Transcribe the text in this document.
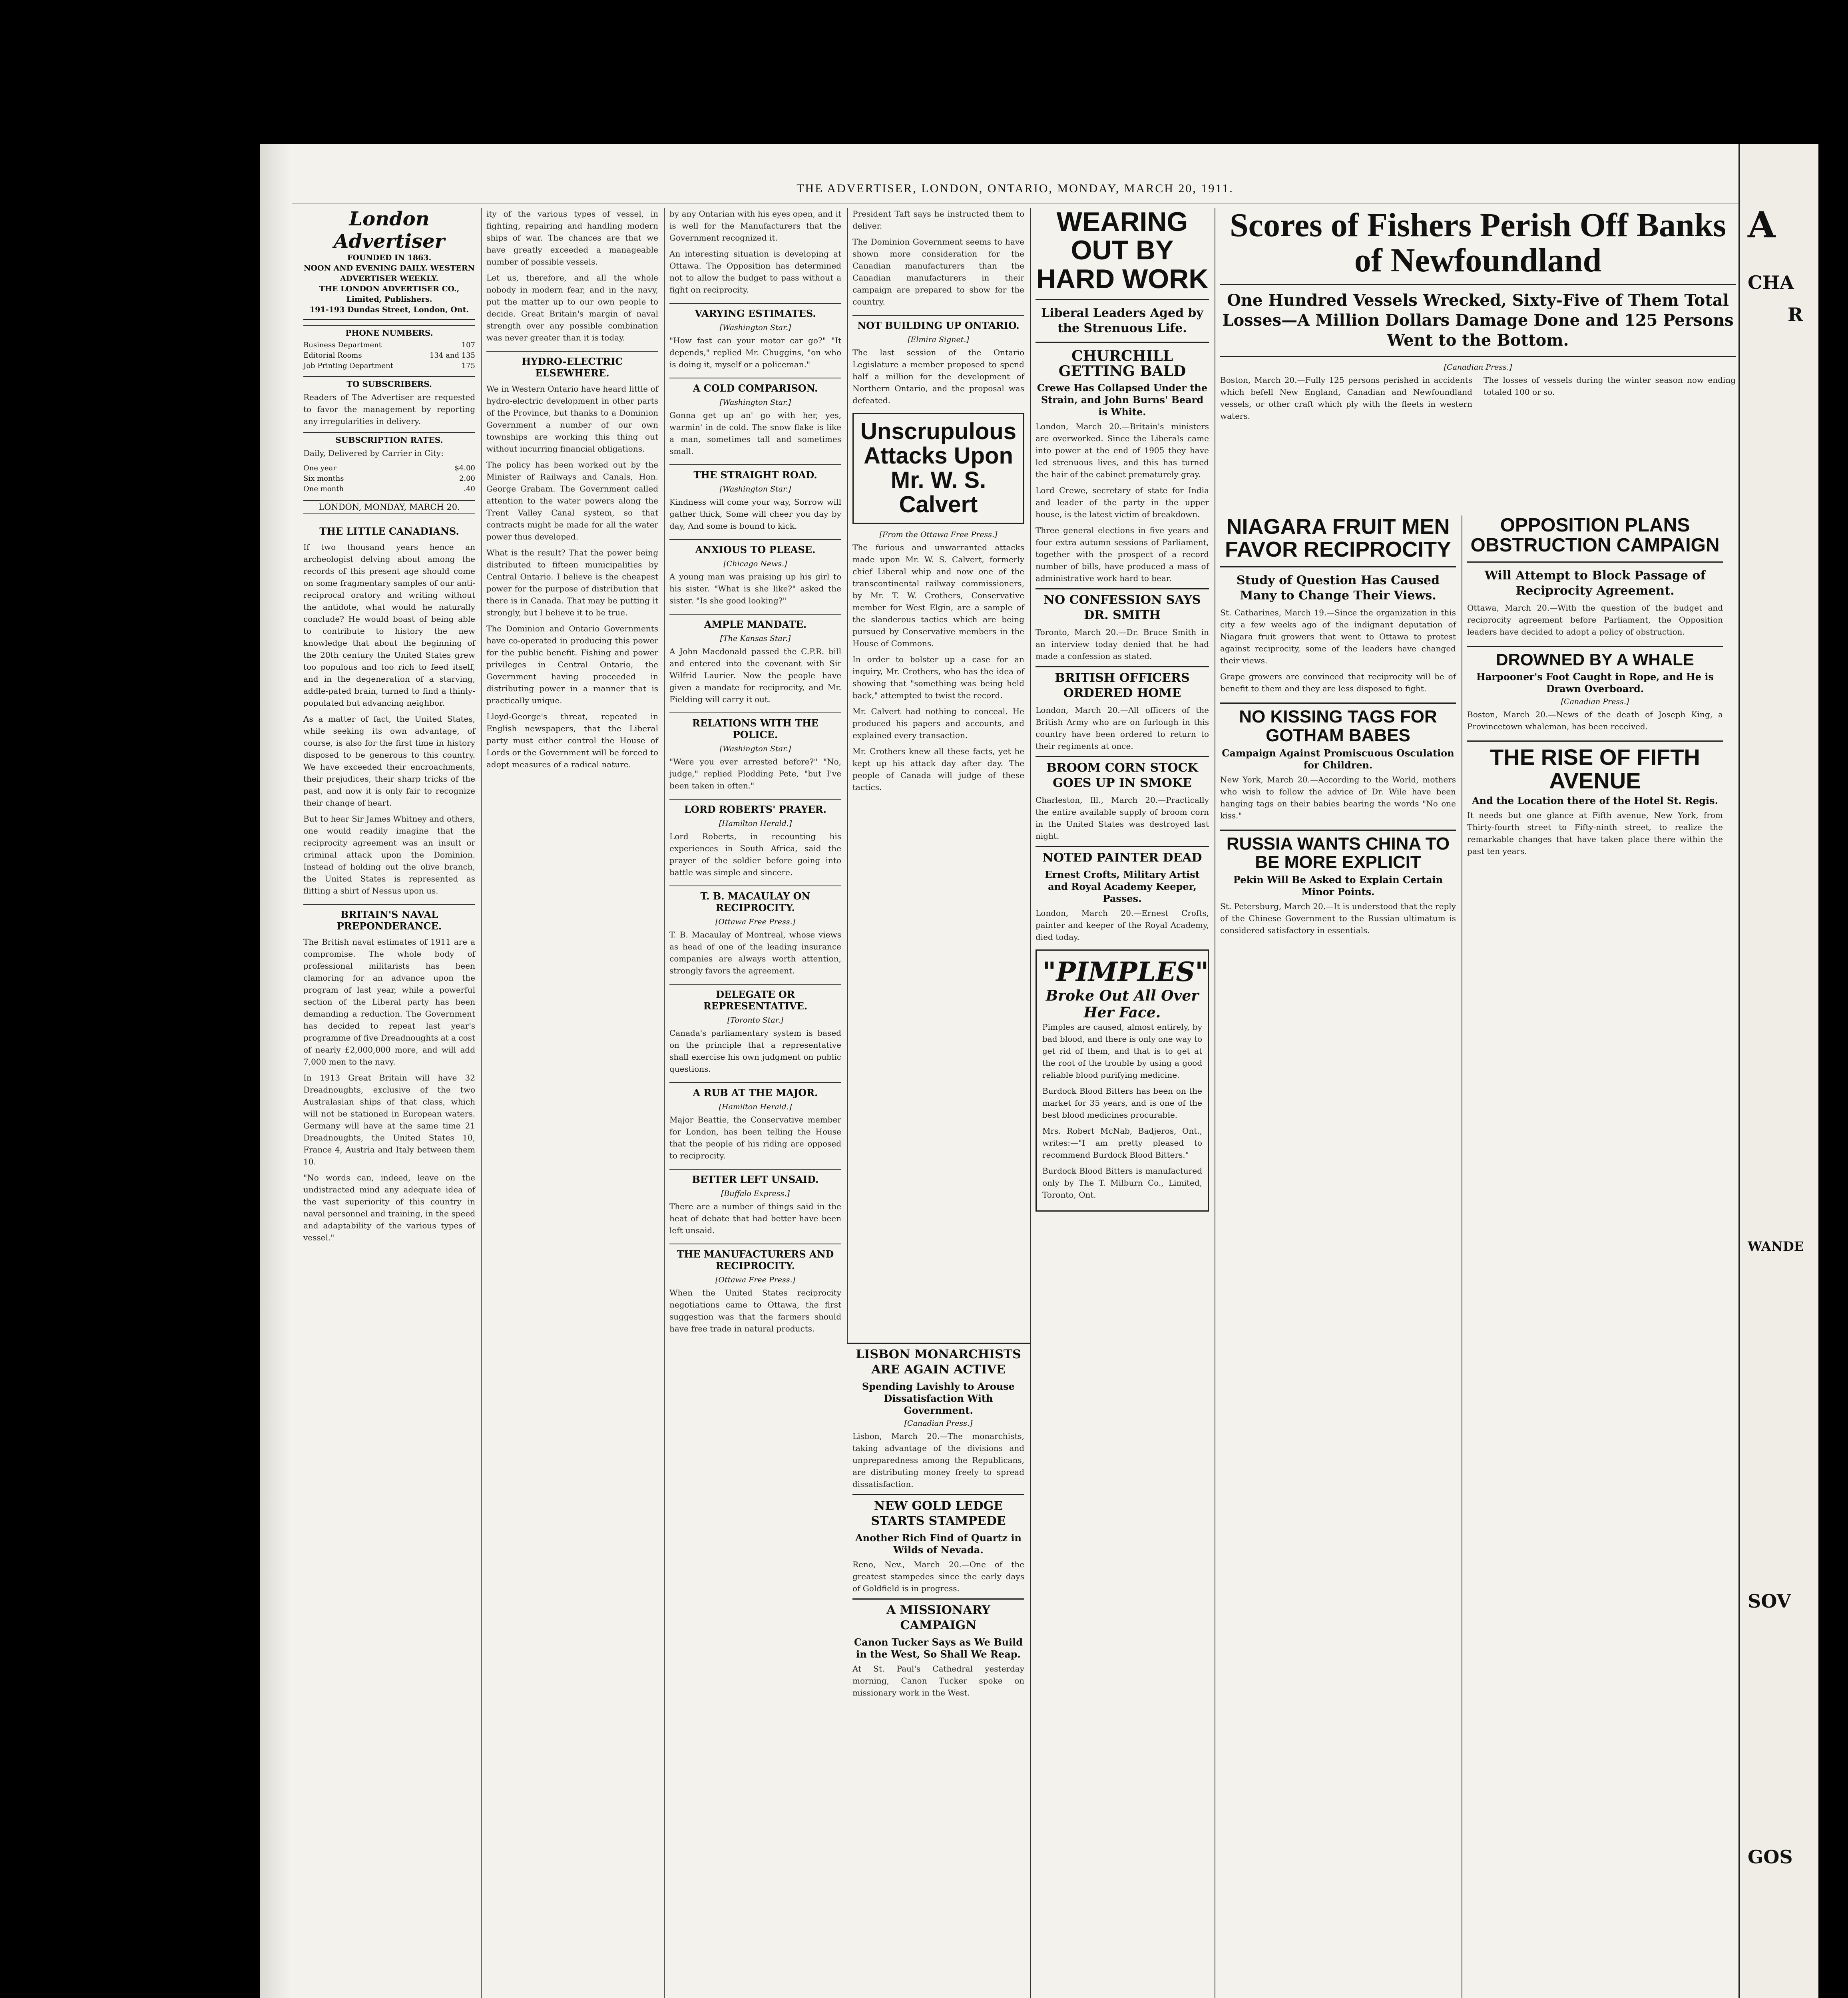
THE ADVERTISER, LONDON, ONTARIO, MONDAY, MARCH 20, 1911.
London Advertiser
FOUNDED IN 1863.
NOON AND EVENING DAILY. WESTERN ADVERTISER WEEKLY.
THE LONDON ADVERTISER CO., Limited, Publishers.
191-193 Dundas Street, London, Ont.
PHONE NUMBERS.
Business Department	107
Editorial Rooms	134 and 135
Job Printing Department	175
TO SUBSCRIBERS.

Readers of The Advertiser are requested to favor the management by reporting any irregularities in delivery.

SUBSCRIPTION RATES.

Daily, Delivered by Carrier in City:

One year	$4.00
Six months	2.00
One month	.40
LONDON, MONDAY, MARCH 20.
THE LITTLE CANADIANS.

If two thousand years hence an archeologist delving about among the records of this present age should come on some fragmentary samples of our anti-reciprocal oratory and writing without the antidote, what would he naturally conclude? He would boast of being able to contribute to history the new knowledge that about the beginning of the 20th century the United States grew too populous and too rich to feed itself, and in the degeneration of a starving, addle-pated brain, turned to find a thinly-populated but advancing neighbor.

As a matter of fact, the United States, while seeking its own advantage, of course, is also for the first time in history disposed to be generous to this country. We have exceeded their encroachments, their prejudices, their sharp tricks of the past, and now it is only fair to recognize their change of heart.

But to hear Sir James Whitney and others, one would readily imagine that the reciprocity agreement was an insult or criminal attack upon the Dominion. Instead of holding out the olive branch, the United States is represented as flitting a shirt of Nessus upon us.

BRITAIN'S NAVAL PREPONDERANCE.

The British naval estimates of 1911 are a compromise. The whole body of professional militarists has been clamoring for an advance upon the program of last year, while a powerful section of the Liberal party has been demanding a reduction. The Government has decided to repeat last year's programme of five Dreadnoughts at a cost of nearly £2,000,000 more, and will add 7,000 men to the navy.

In 1913 Great Britain will have 32 Dreadnoughts, exclusive of the two Australasian ships of that class, which will not be stationed in European waters. Germany will have at the same time 21 Dreadnoughts, the United States 10, France 4, Austria and Italy between them 10.

"No words can, indeed, leave on the undistracted mind any adequate idea of the vast superiority of this country in naval personnel and training, in the speed and adaptability of the various types of vessel."

ity of the various types of vessel, in fighting, repairing and handling modern ships of war. The chances are that we have greatly exceeded a manageable number of possible vessels.

Let us, therefore, and all the whole nobody in modern fear, and in the navy, put the matter up to our own people to decide. Great Britain's margin of naval strength over any possible combination was never greater than it is today.

HYDRO-ELECTRIC ELSEWHERE.

We in Western Ontario have heard little of hydro-electric development in other parts of the Province, but thanks to a Dominion Government a number of our own townships are working this thing out without incurring financial obligations.

The policy has been worked out by the Minister of Railways and Canals, Hon. George Graham. The Government called attention to the water powers along the Trent Valley Canal system, so that contracts might be made for all the water power thus developed.

What is the result? That the power being distributed to fifteen municipalities by Central Ontario. I believe is the cheapest power for the purpose of distribution that there is in Canada. That may be putting it strongly, but I believe it to be true.

The Dominion and Ontario Governments have co-operated in producing this power for the public benefit. Fishing and power privileges in Central Ontario, the Government having proceeded in distributing power in a manner that is practically unique.

Lloyd-George's threat, repeated in English newspapers, that the Liberal party must either control the House of Lords or the Government will be forced to adopt measures of a radical nature.

by any Ontarian with his eyes open, and it is well for the Manufacturers that the Government recognized it.

An interesting situation is developing at Ottawa. The Opposition has determined not to allow the budget to pass without a fight on reciprocity.

VARYING ESTIMATES.
[Washington Star.]

"How fast can your motor car go?" "It depends," replied Mr. Chuggins, "on who is doing it, myself or a policeman."

A COLD COMPARISON.
[Washington Star.]

Gonna get up an' go with her, yes, warmin' in de cold. The snow flake is like a man, sometimes tall and sometimes small.

THE STRAIGHT ROAD.
[Washington Star.]

Kindness will come your way, Sorrow will gather thick, Some will cheer you day by day, And some is bound to kick.

ANXIOUS TO PLEASE.
[Chicago News.]

A young man was praising up his girl to his sister. "What is she like?" asked the sister. "Is she good looking?"

AMPLE MANDATE.
[The Kansas Star.]

A John Macdonald passed the C.P.R. bill and entered into the covenant with Sir Wilfrid Laurier. Now the people have given a mandate for reciprocity, and Mr. Fielding will carry it out.

RELATIONS WITH THE POLICE.
[Washington Star.]

"Were you ever arrested before?" "No, judge," replied Plodding Pete, "but I've been taken in often."

LORD ROBERTS' PRAYER.
[Hamilton Herald.]

Lord Roberts, in recounting his experiences in South Africa, said the prayer of the soldier before going into battle was simple and sincere.

T. B. MACAULAY ON RECIPROCITY.
[Ottawa Free Press.]

T. B. Macaulay of Montreal, whose views as head of one of the leading insurance companies are always worth attention, strongly favors the agreement.

DELEGATE OR REPRESENTATIVE.
[Toronto Star.]

Canada's parliamentary system is based on the principle that a representative shall exercise his own judgment on public questions.

A RUB AT THE MAJOR.
[Hamilton Herald.]

Major Beattie, the Conservative member for London, has been telling the House that the people of his riding are opposed to reciprocity.

BETTER LEFT UNSAID.
[Buffalo Express.]

There are a number of things said in the heat of debate that had better have been left unsaid.

THE MANUFACTURERS AND RECIPROCITY.
[Ottawa Free Press.]

When the United States reciprocity negotiations came to Ottawa, the first suggestion was that the farmers should have free trade in natural products.

President Taft says he instructed them to deliver.

The Dominion Government seems to have shown more consideration for the Canadian manufacturers than the Canadian manufacturers in their campaign are prepared to show for the country.

NOT BUILDING UP ONTARIO.
[Elmira Signet.]

The last session of the Ontario Legislature a member proposed to spend half a million for the development of Northern Ontario, and the proposal was defeated.

Unscrupulous Attacks Upon Mr. W. S. Calvert
[From the Ottawa Free Press.]

The furious and unwarranted attacks made upon Mr. W. S. Calvert, formerly chief Liberal whip and now one of the transcontinental railway commissioners, by Mr. T. W. Crothers, Conservative member for West Elgin, are a sample of the slanderous tactics which are being pursued by Conservative members in the House of Commons.

In order to bolster up a case for an inquiry, Mr. Crothers, who has the idea of showing that "something was being held back," attempted to twist the record.

Mr. Calvert had nothing to conceal. He produced his papers and accounts, and explained every transaction.

Mr. Crothers knew all these facts, yet he kept up his attack day after day. The people of Canada will judge of these tactics.

WEARING OUT BY HARD WORK
Liberal Leaders Aged by the Strenuous Life.
CHURCHILL GETTING BALD
Crewe Has Collapsed Under the Strain, and John Burns' Beard is White.

London, March 20.—Britain's ministers are overworked. Since the Liberals came into power at the end of 1905 they have led strenuous lives, and this has turned the hair of the cabinet prematurely gray.

Lord Crewe, secretary of state for India and leader of the party in the upper house, is the latest victim of breakdown.

Three general elections in five years and four extra autumn sessions of Parliament, together with the prospect of a record number of bills, have produced a mass of administrative work hard to bear.

NO CONFESSION SAYS DR. SMITH

Toronto, March 20.—Dr. Bruce Smith in an interview today denied that he had made a confession as stated.

BRITISH OFFICERS ORDERED HOME

London, March 20.—All officers of the British Army who are on furlough in this country have been ordered to return to their regiments at once.

BROOM CORN STOCK GOES UP IN SMOKE

Charleston, Ill., March 20.—Practically the entire available supply of broom corn in the United States was destroyed last night.

NOTED PAINTER DEAD
Ernest Crofts, Military Artist and Royal Academy Keeper, Passes.

London, March 20.—Ernest Crofts, painter and keeper of the Royal Academy, died today.

"PIMPLES"
Broke Out All Over Her Face.

Pimples are caused, almost entirely, by bad blood, and there is only one way to get rid of them, and that is to get at the root of the trouble by using a good reliable blood purifying medicine.

Burdock Blood Bitters has been on the market for 35 years, and is one of the best blood medicines procurable.

Mrs. Robert McNab, Badjeros, Ont., writes:—"I am pretty pleased to recommend Burdock Blood Bitters."

Burdock Blood Bitters is manufactured only by The T. Milburn Co., Limited, Toronto, Ont.

LISBON MONARCHISTS ARE AGAIN ACTIVE
Spending Lavishly to Arouse Dissatisfaction With Government.
[Canadian Press.]

Lisbon, March 20.—The monarchists, taking advantage of the divisions and unpreparedness among the Republicans, are distributing money freely to spread dissatisfaction.

NEW GOLD LEDGE STARTS STAMPEDE
Another Rich Find of Quartz in Wilds of Nevada.

Reno, Nev., March 20.—One of the greatest stampedes since the early days of Goldfield is in progress.

A MISSIONARY CAMPAIGN
Canon Tucker Says as We Build in the West, So Shall We Reap.

At St. Paul's Cathedral yesterday morning, Canon Tucker spoke on missionary work in the West.

Scores of Fishers Perish Off Banks of Newfoundland
One Hundred Vessels Wrecked, Sixty-Five of Them Total Losses—A Million Dollars Damage Done and 125 Persons Went to the Bottom.
[Canadian Press.]

Boston, March 20.—Fully 125 persons perished in accidents which befell New England, Canadian and Newfoundland vessels, or other craft which ply with the fleets in western waters.

The losses of vessels during the winter season now ending totaled 100 or so.

NIAGARA FRUIT MEN FAVOR RECIPROCITY
Study of Question Has Caused Many to Change Their Views.

St. Catharines, March 19.—Since the organization in this city a few weeks ago of the indignant deputation of Niagara fruit growers that went to Ottawa to protest against reciprocity, some of the leaders have changed their views.

Grape growers are convinced that reciprocity will be of benefit to them and they are less disposed to fight.

NO KISSING TAGS FOR GOTHAM BABES
Campaign Against Promiscuous Osculation for Children.

New York, March 20.—According to the World, mothers who wish to follow the advice of Dr. Wile have been hanging tags on their babies bearing the words "No one kiss."

RUSSIA WANTS CHINA TO BE MORE EXPLICIT
Pekin Will Be Asked to Explain Certain Minor Points.

St. Petersburg, March 20.—It is understood that the reply of the Chinese Government to the Russian ultimatum is considered satisfactory in essentials.

OPPOSITION PLANS OBSTRUCTION CAMPAIGN
Will Attempt to Block Passage of Reciprocity Agreement.

Ottawa, March 20.—With the question of the budget and reciprocity agreement before Parliament, the Opposition leaders have decided to adopt a policy of obstruction.

DROWNED BY A WHALE
Harpooner's Foot Caught in Rope, and He is Drawn Overboard.
[Canadian Press.]

Boston, March 20.—News of the death of Joseph King, a Provincetown whaleman, has been received.

THE RISE OF FIFTH AVENUE
And the Location there of the Hotel St. Regis.

It needs but one glance at Fifth avenue, New York, from Thirty-fourth street to Fifty-ninth street, to realize the remarkable changes that have taken place there within the past ten years.

A
CHA
R
WANDE
SOV
GOS
